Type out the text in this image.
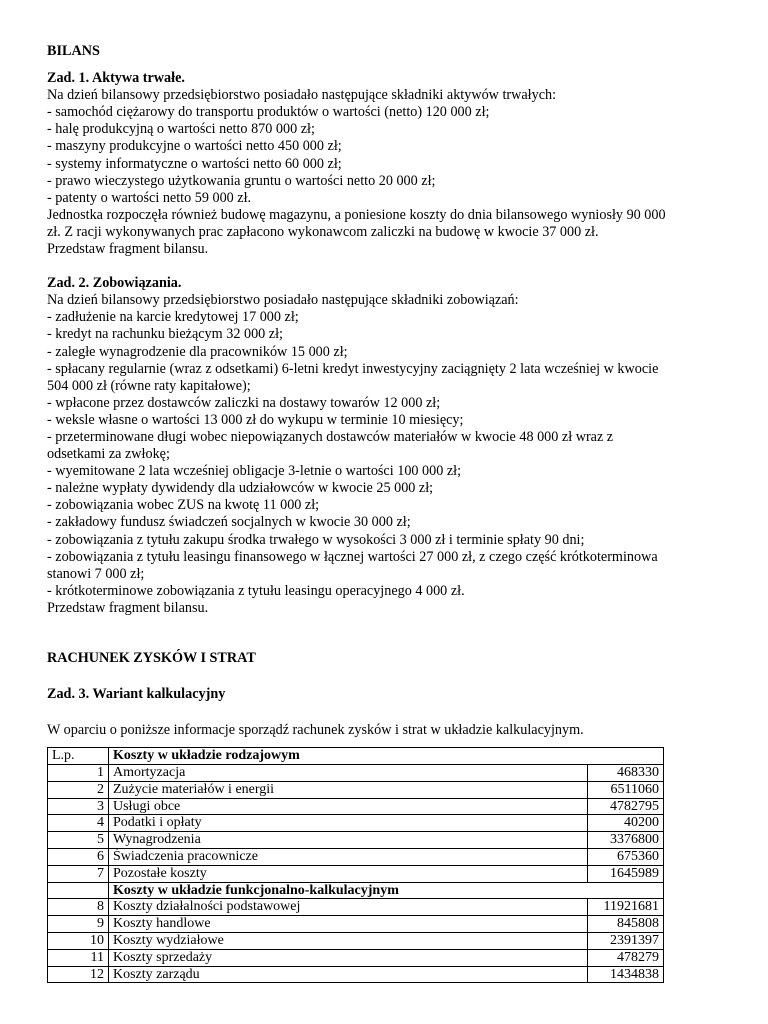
BILANS

Zad. 1. Aktywa trwałe.

Na dzień bilansowy przedsiębiorstwo posiadało następujące składniki aktywów trwałych:

- samochód ciężarowy do transportu produktów o wartości (netto) 120 000 zł;

- halę produkcyjną o wartości netto 870 000 zł;

- maszyny produkcyjne o wartości netto 450 000 zł;

- systemy informatyczne o wartości netto 60 000 zł;

- prawo wieczystego użytkowania gruntu o wartości netto 20 000 zł;

- patenty o wartości netto 59 000 zł.

Jednostka rozpoczęła również budowę magazynu, a poniesione koszty do dnia bilansowego wyniosły 90 000

zł. Z racji wykonywanych prac zapłacono wykonawcom zaliczki na budowę w kwocie 37 000 zł.

Przedstaw fragment bilansu.

Zad. 2. Zobowiązania.

Na dzień bilansowy przedsiębiorstwo posiadało następujące składniki zobowiązań:

- zadłużenie na karcie kredytowej 17 000 zł;

- kredyt na rachunku bieżącym 32 000 zł;

- zaległe wynagrodzenie dla pracowników 15 000 zł;

- spłacany regularnie (wraz z odsetkami) 6-letni kredyt inwestycyjny zaciągnięty 2 lata wcześniej w kwocie

504 000 zł (równe raty kapitałowe);

- wpłacone przez dostawców zaliczki na dostawy towarów 12 000 zł;

- weksle własne o wartości 13 000 zł do wykupu w terminie 10 miesięcy;

- przeterminowane długi wobec niepowiązanych dostawców materiałów w kwocie 48 000 zł wraz z

odsetkami za zwłokę;

- wyemitowane 2 lata wcześniej obligacje 3-letnie o wartości 100 000 zł;

- należne wypłaty dywidendy dla udziałowców w kwocie 25 000 zł;

- zobowiązania wobec ZUS na kwotę 11 000 zł;

- zakładowy fundusz świadczeń socjalnych w kwocie 30 000 zł;

- zobowiązania z tytułu zakupu środka trwałego w wysokości 3 000 zł i terminie spłaty 90 dni;

- zobowiązania z tytułu leasingu finansowego w łącznej wartości 27 000 zł, z czego część krótkoterminowa

stanowi 7 000 zł;

- krótkoterminowe zobowiązania z tytułu leasingu operacyjnego 4 000 zł.

Przedstaw fragment bilansu.

RACHUNEK ZYSKÓW I STRAT

Zad. 3. Wariant kalkulacyjny

W oparciu o poniższe informacje sporządź rachunek zysków i strat w układzie kalkulacyjnym.

L.p.	Koszty w układzie rodzajowym	
1	Amortyzacja	468330
2	Zużycie materiałów i energii	6511060
3	Usługi obce	4782795
4	Podatki i opłaty	40200
5	Wynagrodzenia	3376800
6	Świadczenia pracownicze	675360
7	Pozostałe koszty	1645989
	Koszty w układzie funkcjonalno-kalkulacyjnym	
8	Koszty działalności podstawowej	11921681
9	Koszty handlowe	845808
10	Koszty wydziałowe	2391397
11	Koszty sprzedaży	478279
12	Koszty zarządu	1434838
